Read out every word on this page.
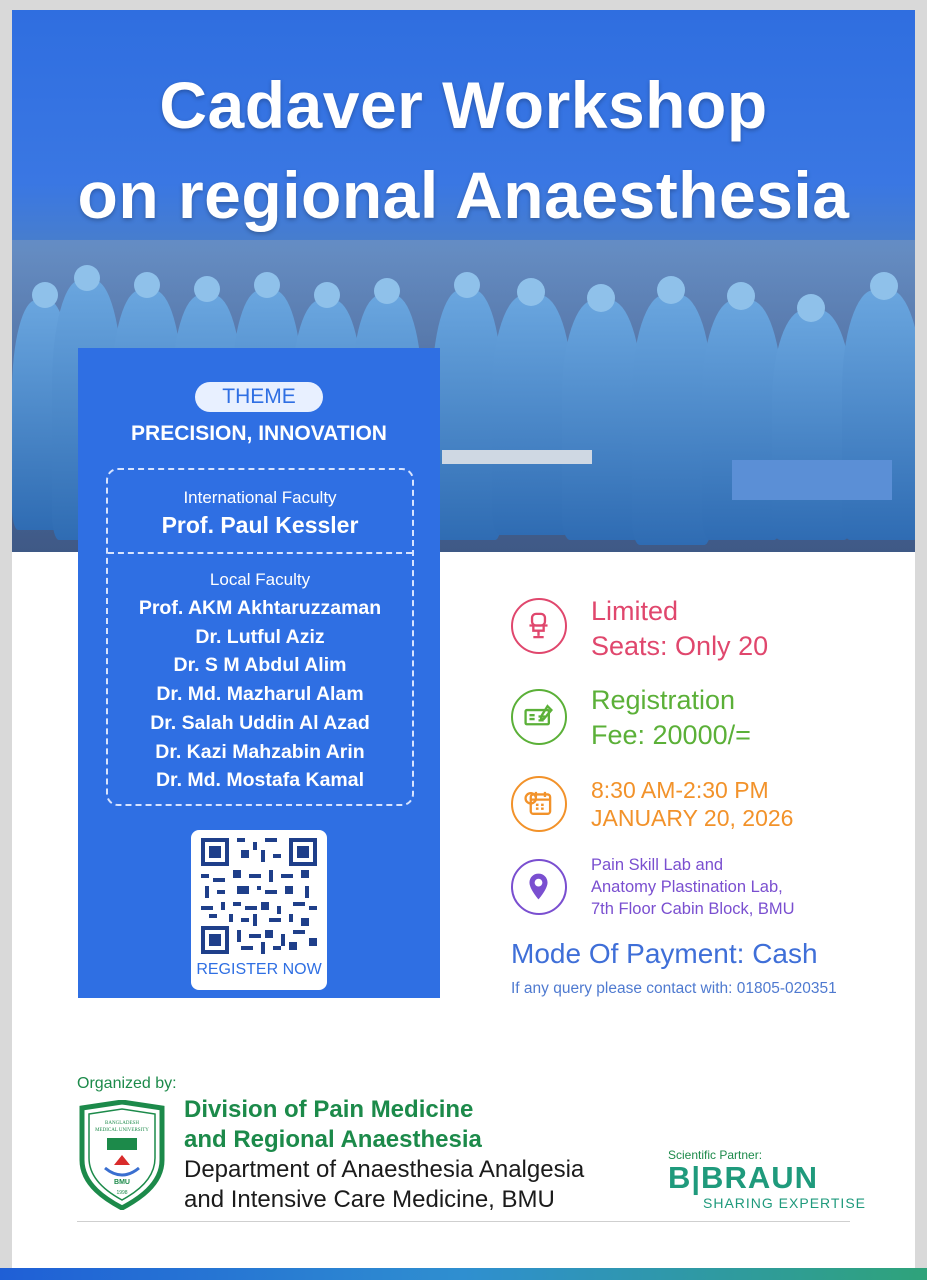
Cadaver Workshop
on regional Anaesthesia
THEME
PRECISION, INNOVATION
International Faculty
Prof. Paul Kessler
Local Faculty
Prof. AKM Akhtaruzzaman
Dr. Lutful Aziz
Dr. S M Abdul Alim
Dr. Md. Mazharul Alam
Dr. Salah Uddin Al Azad
Dr. Kazi Mahzabin Arin
Dr. Md. Mostafa Kamal
REGISTER NOW
Limited
Seats: Only 20
Registration
Fee: 20000/=
8:30 AM-2:30 PM
JANUARY 20, 2026
Pain Skill Lab and
Anatomy Plastination Lab,
7th Floor Cabin Block, BMU
Mode Of Payment: Cash
If any query please contact with: 01805-020351
Organized by:
BANGLADESH
MEDICAL UNIVERSITY
BMU
1998
Division of Pain Medicine
and Regional Anaesthesia
Department of Anaesthesia Analgesia
and Intensive Care Medicine, BMU
Scientific Partner:
B|BRAUN
SHARING EXPERTISE
